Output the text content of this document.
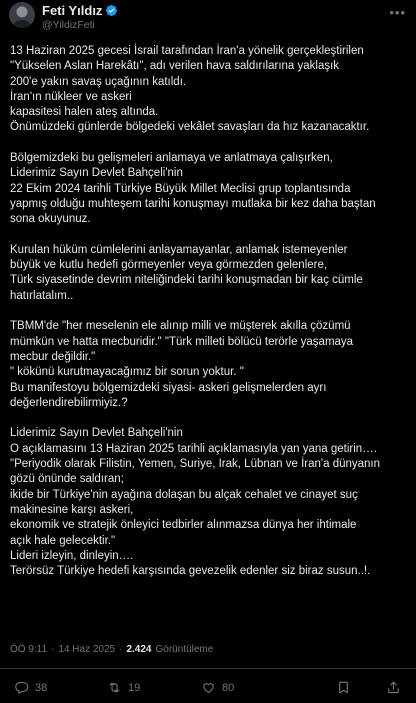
Feti Yıldız
@YildizFeti
•••
13 Haziran 2025 gecesi İsrail tarafından İran'a yönelik gerçekleştirilen
"Yükselen Aslan Harekâtı", adı verilen hava saldırılarına yaklaşık
200'e yakın savaş uçağının katıldı.
İran'ın nükleer ve askeri
kapasitesi halen ateş altında.
Önümüzdeki günlerde bölgedeki vekâlet savaşları da hız kazanacaktır.
Bölgemizdeki bu gelişmeleri anlamaya ve anlatmaya çalışırken,
Liderimiz Sayın Devlet Bahçeli'nin
22 Ekim 2024 tarihli Türkiye Büyük Millet Meclisi grup toplantısında
yapmış olduğu muhteşem tarihi konuşmayı mutlaka bir kez daha baştan
sona okuyunuz.
Kurulan hüküm cümlelerini anlayamayanlar, anlamak istemeyenler
büyük ve kutlu hedefi görmeyenler veya görmezden gelenlere,
Türk siyasetinde devrim niteliğindeki tarihi konuşmadan bir kaç cümle
hatırlatalım..
TBMM'de "her meselenin ele alınıp milli ve müşterek akılla çözümü
mümkün ve hatta mecburidir." "Türk milleti bölücü terörle yaşamaya
mecbur değildir."
" kökünü kurutmayacağımız bir sorun yoktur. "
Bu manifestoyu bölgemizdeki siyasi- askeri gelişmelerden ayrı
değerlendirebilirmiyiz.?
Liderimiz Sayın Devlet Bahçeli'nin
O açıklamasını 13 Haziran 2025 tarihli açıklamasıyla yan yana getirin….
"Periyodik olarak Filistin, Yemen, Suriye, Irak, Lübnan ve İran'a dünyanın
gözü önünde saldıran;
ikide bir Türkiye'nin ayağına dolaşan bu alçak cehalet ve cinayet suç
makinesine karşı askeri,
ekonomik ve stratejik önleyici tedbirler alınmazsa dünya her ihtimale
açık hale gelecektir."
Lideri izleyin, dinleyin….
Terörsüz Türkiye hedefi karşısında gevezelik edenler siz biraz susun..!.
ÖÖ 9:11 · 14 Haz 2025 · 2.424 Görüntüleme
38	19	80
